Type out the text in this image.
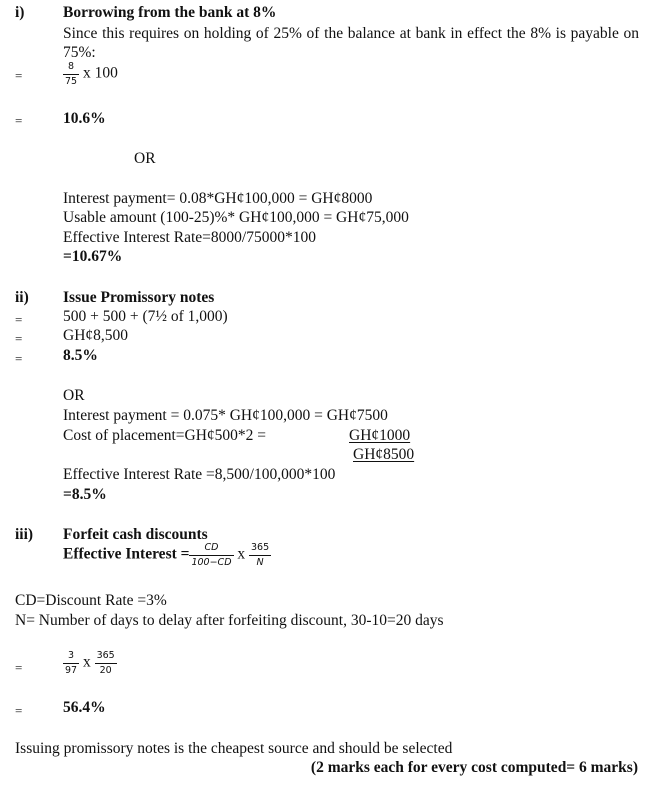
i) Borrowing from the bank at 8%
Since this requires on holding of 25% of the balance at bank in effect the 8% is payable on 75%:
=	$\frac{8}{75}$ x 100
=	10.6%
OR
Interest payment= 0.08*GH¢100,000 = GH¢8000
Usable amount (100-25)%* GH¢100,000 = GH¢75,000
Effective Interest Rate=8000/75000*100
=10.67%
ii) Issue Promissory notes
=	500 + 500 + (7½ of 1,000)
=	GH¢8,500
=	8.5%
OR
Interest payment = 0.075* GH¢100,000 = GH¢7500
Cost of placement=GH¢500*2 =	GH¢1000
GH¢8500
Effective Interest Rate =8,500/100,000*100
=8.5%
iii) Forfeit cash discounts
Effective Interest = $\frac{CD}{100-CD}$ x $\frac{365}{N}$
CD=Discount Rate =3%
N= Number of days to delay after forfeiting discount, 30-10=20 days
=	$\frac{3}{97}$ x $\frac{365}{20}$
=	56.4%
Issuing promissory notes is the cheapest source and should be selected
(2 marks each for every cost computed= 6 marks)
